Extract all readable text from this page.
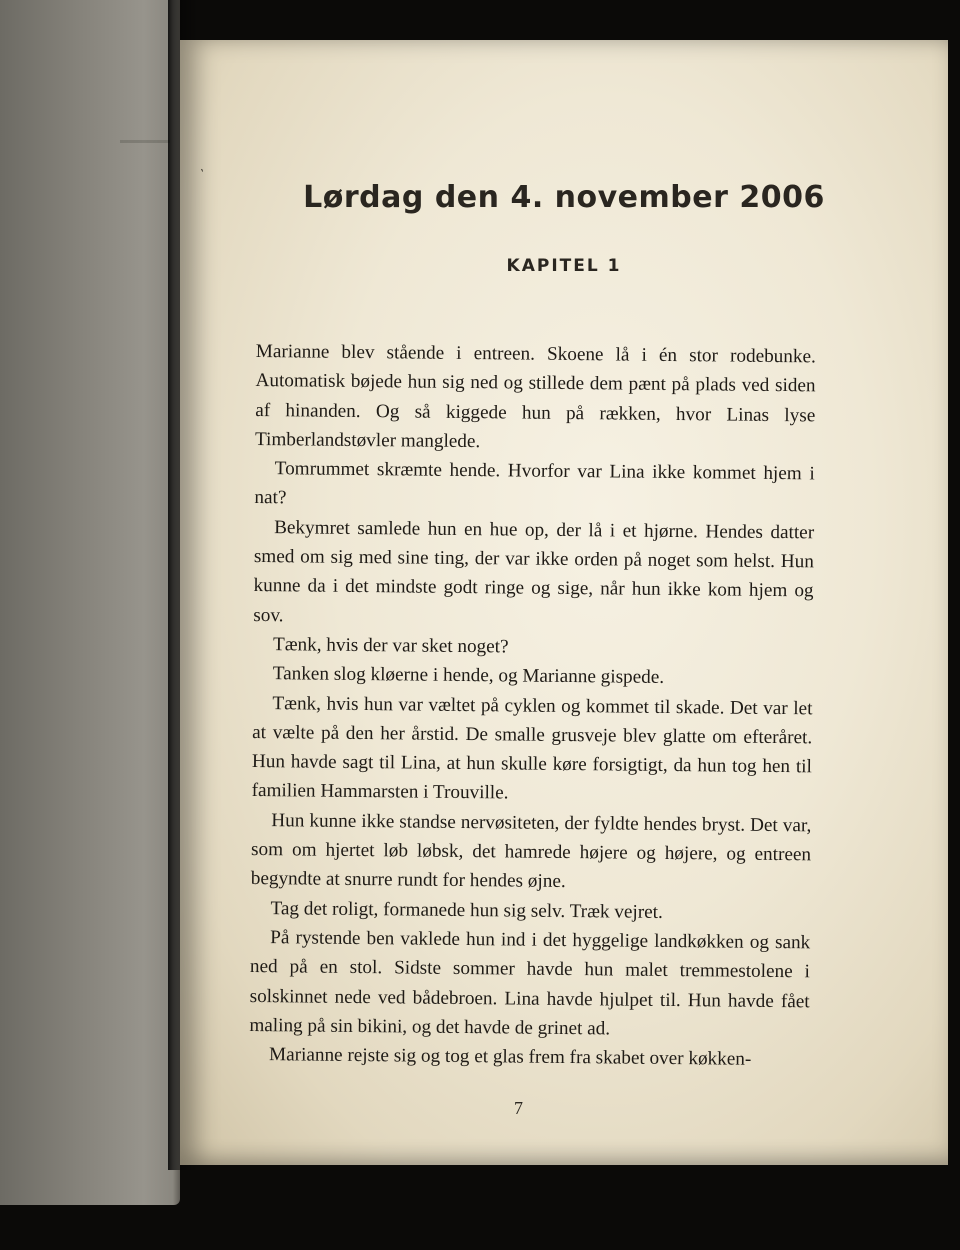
ˏ
Lørdag den 4. november 2006
KAPITEL 1

Marianne blev stående i entreen. Skoene lå i én stor rodebunke. Automatisk bøjede hun sig ned og stillede dem pænt på plads ved siden af hinanden. Og så kiggede hun på rækken, hvor Linas lyse Timberlandstøvler manglede.

Tomrummet skræmte hende. Hvorfor var Lina ikke kommet hjem i nat?

Bekymret samlede hun en hue op, der lå i et hjørne. Hendes datter smed om sig med sine ting, der var ikke orden på noget som helst. Hun kunne da i det mindste godt ringe og sige, når hun ikke kom hjem og sov.

Tænk, hvis der var sket noget?

Tanken slog kløerne i hende, og Marianne gispede.

Tænk, hvis hun var væltet på cyklen og kommet til skade. Det var let at vælte på den her årstid. De smalle grusveje blev glatte om efteråret. Hun havde sagt til Lina, at hun skulle køre forsigtigt, da hun tog hen til familien Hammarsten i Trouville.

Hun kunne ikke standse nervøsiteten, der fyldte hendes bryst. Det var, som om hjertet løb løbsk, det hamrede højere og højere, og entreen begyndte at snurre rundt for hendes øjne.

Tag det roligt, formanede hun sig selv. Træk vejret.

På rystende ben vaklede hun ind i det hyggelige landkøkken og sank ned på en stol. Sidste sommer havde hun malet tremmestolene i solskinnet nede ved bådebroen. Lina havde hjulpet til. Hun havde fået maling på sin bikini, og det havde de grinet ad.

Marianne rejste sig og tog et glas frem fra skabet over køkken-

7
